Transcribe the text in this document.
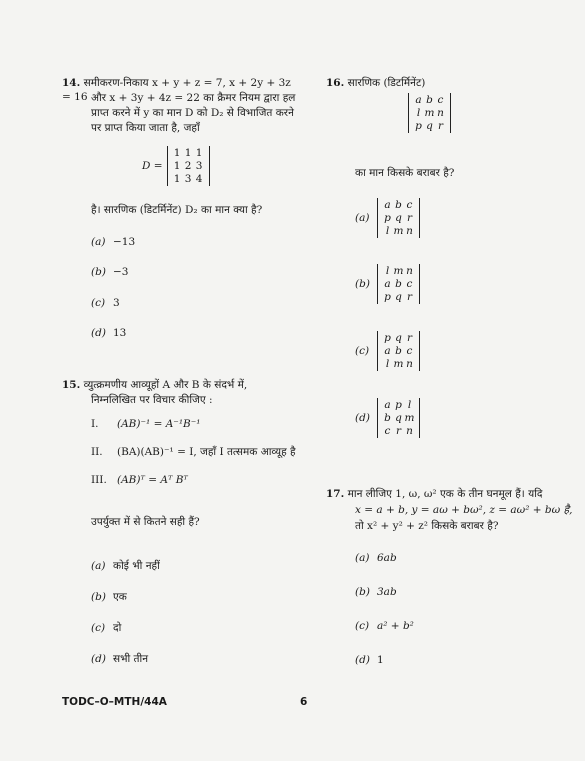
14. समीकरण-निकाय x + y + z = 7, x + 2y + 3z = 16 और x + 3y + 4z = 22 का क्रैमर नियम द्वारा हल
प्राप्त करने में y का मान D को D₂ से विभाजित करने
पर प्राप्त किया जाता है, जहाँ
D =
1 1 1
1 2 3
1 3 4
है। सारणिक (डिटर्मिनेंट) D₂ का मान क्या है?
(a) −13
(b) −3
(c) 3
(d) 13
15. व्युत्क्रमणीय आव्यूहों A और B के संदर्भ में,
निम्नलिखित पर विचार कीजिए :
I. (AB)⁻¹ = A⁻¹B⁻¹
II. (BA)(AB)⁻¹ = I, जहाँ I तत्समक आव्यूह है
III. (AB)ᵀ = Aᵀ Bᵀ
उपर्युक्त में से कितने सही हैं?
(a) कोई भी नहीं
(b) एक
(c) दो
(d) सभी तीन
16. सारणिक (डिटर्मिनेंट)
a b c
l m n
p q r
का मान किसके बराबर है?
(a)
a b c
p q r
l m n
(b)
l m n
a b c
p q r
(c)
p q r
a b c
l m n
(d)
a p l
b q m
c r n
17. मान लीजिए 1, ω, ω² एक के तीन घनमूल हैं। यदि
x = a + b, y = aω + bω², z = aω² + bω है,
तो x² + y² + z² किसके बराबर है?
(a) 6ab
(b) 3ab
(c) a² + b²
(d) 1
TODC–O–MTH/44A	6
